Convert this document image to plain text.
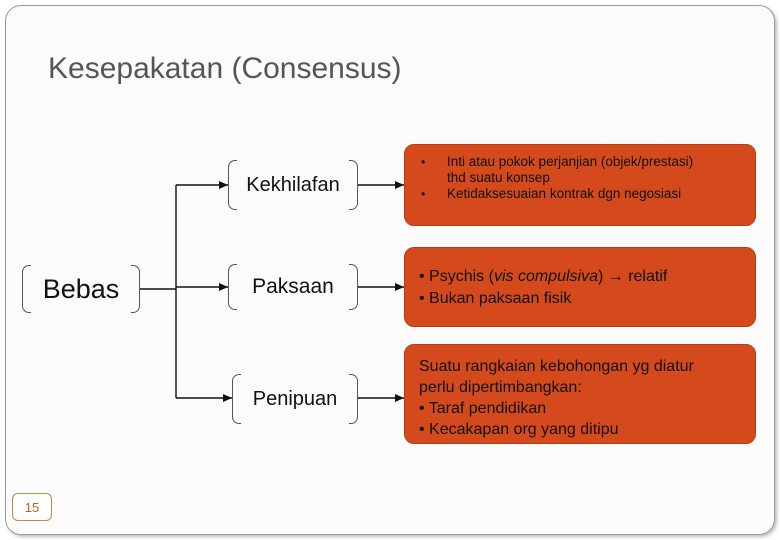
Kesepakatan (Consensus)
Bebas
Kekhilafan
Paksaan
Penipuan
•	Inti atau pokok perjanjian (objek/prestasi)
thd suatu konsep
•	Ketidaksesuaian kontrak dgn negosiasi
• Psychis (vis compulsiva) → relatif
• Bukan paksaan fisik
Suatu rangkaian kebohongan yg diatur
perlu dipertimbangkan:
• Taraf pendidikan
• Kecakapan org yang ditipu
15
